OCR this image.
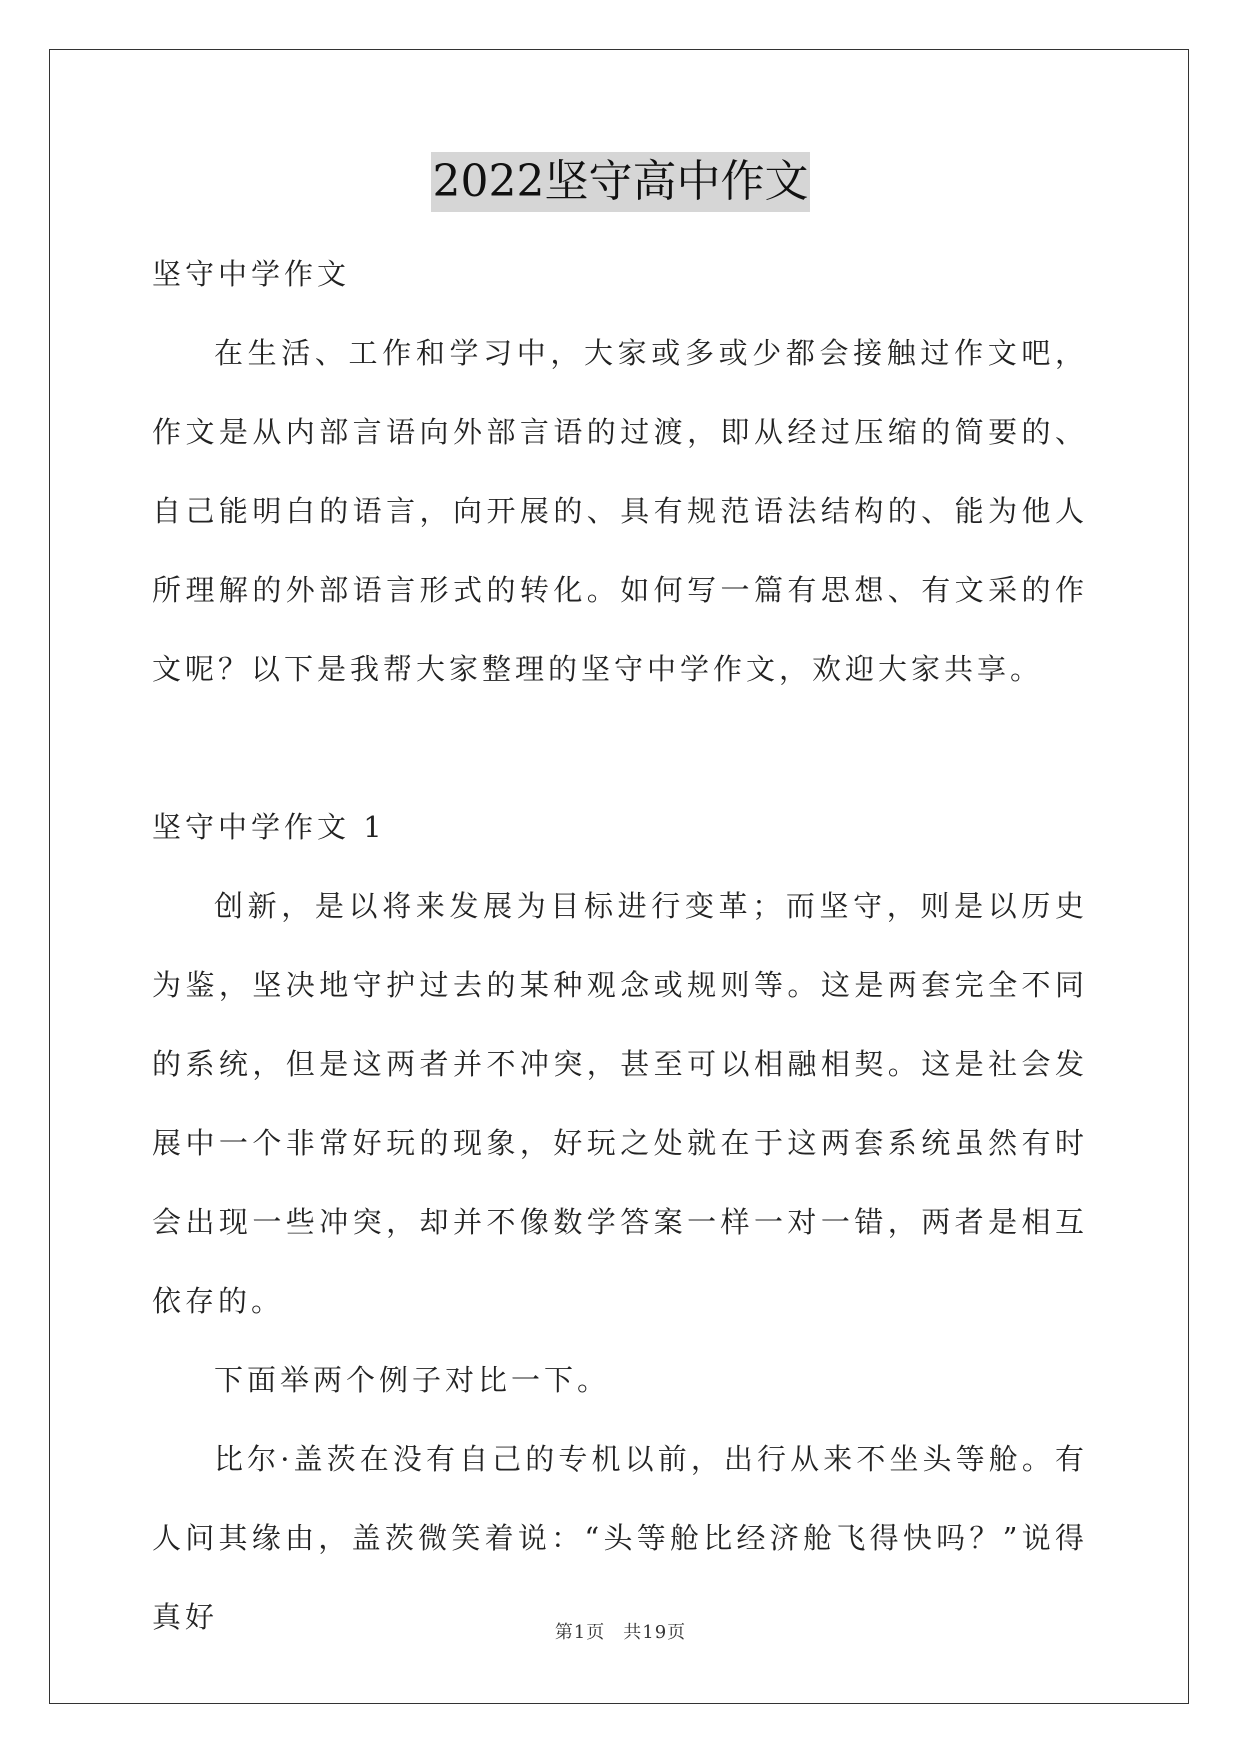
2022坚守高中作文

坚守中学作文

在生活、工作和学习中，大家或多或少都会接触过作文吧，作文是从内部言语向外部言语的过渡，即从经过压缩的简要的、自己能明白的语言，向开展的、具有规范语法结构的、能为他人所理解的外部语言形式的转化。如何写一篇有思想、有文采的作文呢？以下是我帮大家整理的坚守中学作文，欢迎大家共享。

坚守中学作文 1

创新，是以将来发展为目标进行变革；而坚守，则是以历史为鉴，坚决地守护过去的某种观念或规则等。这是两套完全不同的系统，但是这两者并不冲突，甚至可以相融相契。这是社会发展中一个非常好玩的现象，好玩之处就在于这两套系统虽然有时会出现一些冲突，却并不像数学答案一样一对一错，两者是相互依存的。

下面举两个例子对比一下。

比尔·盖茨在没有自己的专机以前，出行从来不坐头等舱。有人问其缘由，盖茨微笑着说：“头等舱比经济舱飞得快吗？”说得真好	第1页 共19页
